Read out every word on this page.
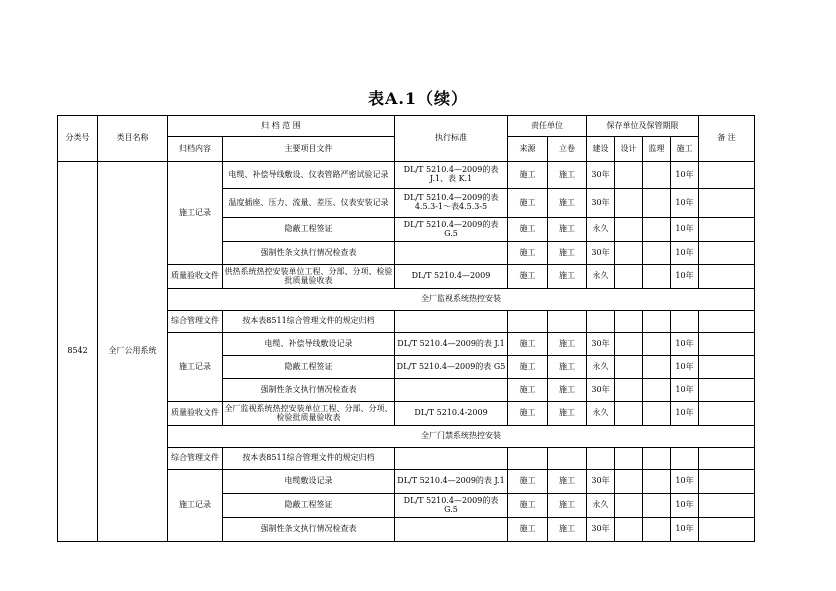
表A.1（续）
分类号	类目名称	归 档 范 围		执行标准	责任单位		保存单位及保管期限				备 注
		归档内容	主要项目文件		来源	立卷	建设	设计	监理	施工	
8542	全厂公用系统	施工记录	电缆、补偿导线敷设、仪表管路严密试验记录	DL/T 5210.4—2009的表 J.1、表 K.1	施工	施工	30年			10年	
			温度插座、压力、流量、差压、仪表安装记录	DL/T 5210.4—2009的表4.5.3-1～表4.5.3-5	施工	施工	30年			10年	
			隐蔽工程签证	DL/T 5210.4—2009的表 G.5	施工	施工	永久			10年	
			强制性条文执行情况检查表		施工	施工	30年			10年	
		质量验收文件	供热系统热控安装单位工程、分部、分项、检验批质量验收表	DL/T 5210.4—2009	施工	施工	永久			10年	
		全厂监视系统热控安装									
		综合管理文件	按本表8511综合管理文件的规定归档								
		施工记录	电缆、补偿导线敷设记录	DL/T 5210.4—2009的表 J.1	施工	施工	30年			10年	
			隐蔽工程签证	DL/T 5210.4—2009的表 G5	施工	施工	永久			10年	
			强制性条文执行情况检查表		施工	施工	30年			10年	
		质量验收文件	全厂监视系统热控安装单位工程、分部、分项、检验批质量验收表	DL/T 5210.4-2009	施工	施工	永久			10年	
		全厂门禁系统热控安装									
		综合管理文件	按本表8511综合管理文件的规定归档								
		施工记录	电缆敷设记录	DL/T 5210.4—2009的表 J.1	施工	施工	30年			10年	
			隐蔽工程签证	DL/T 5210.4—2009的表 G.5	施工	施工	永久			10年	
			强制性条文执行情况检查表		施工	施工	30年			10年	
